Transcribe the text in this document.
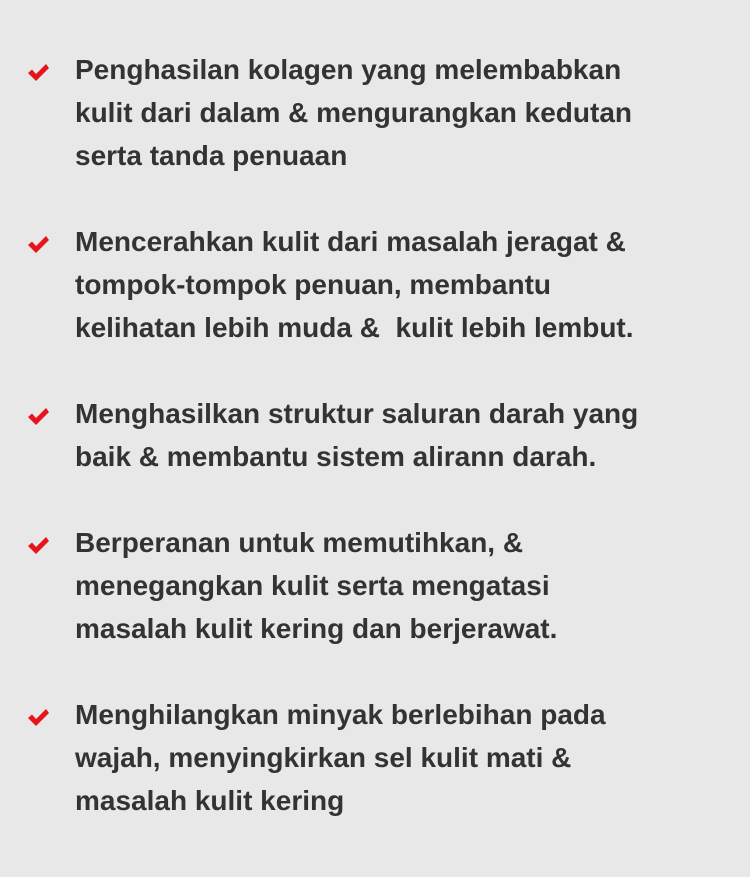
Penghasilan kolagen yang melembabkan
kulit dari dalam & mengurangkan kedutan
serta tanda penuaan
Mencerahkan kulit dari masalah jeragat &
tompok-tompok penuan, membantu
kelihatan lebih muda &  kulit lebih lembut.
Menghasilkan struktur saluran darah yang
baik & membantu sistem alirann darah.
Berperanan untuk memutihkan, &
menegangkan kulit serta mengatasi
masalah kulit kering dan berjerawat.
Menghilangkan minyak berlebihan pada
wajah, menyingkirkan sel kulit mati &
masalah kulit kering
